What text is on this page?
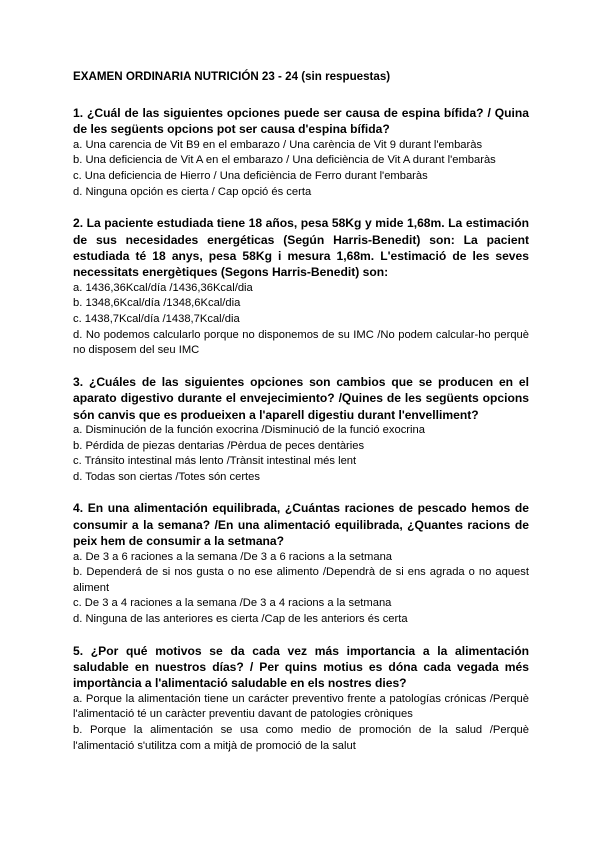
EXAMEN ORDINARIA NUTRICIÓN 23 - 24 (sin respuestas)

1. ¿Cuál de las siguientes opciones puede ser causa de espina bífida? / Quina de les següents opcions pot ser causa d'espina bífida?

a. Una carencia de Vit B9 en el embarazo / Una carència de Vit 9 durant l'embaràs

b. Una deficiencia de Vit A en el embarazo / Una deficiència de Vit A durant l'embaràs

c. Una deficiencia de Hierro / Una deficiència de Ferro durant l'embaràs

d. Ninguna opción es cierta / Cap opció és certa

2. La paciente estudiada tiene 18 años, pesa 58Kg y mide 1,68m. La estimación de sus necesidades energéticas (Según Harris-Benedit) son: La pacient estudiada té 18 anys, pesa 58Kg i mesura 1,68m. L'estimació de les seves necessitats energètiques (Segons Harris-Benedit) son:

a. 1436,36Kcal/día /1436,36Kcal/dia

b. 1348,6Kcal/día /1348,6Kcal/dia

c. 1438,7Kcal/día /1438,7Kcal/dia

d. No podemos calcularlo porque no disponemos de su IMC /No podem calcular-ho perquè no disposem del seu IMC

3. ¿Cuáles de las siguientes opciones son cambios que se producen en el aparato digestivo durante el envejecimiento? /Quines de les següents opcions són canvis que es produeixen a l'aparell digestiu durant l'envelliment?

a. Disminución de la función exocrina /Disminució de la funció exocrina

b. Pérdida de piezas dentarias /Pèrdua de peces dentàries

c. Tránsito intestinal más lento /Trànsit intestinal més lent

d. Todas son ciertas /Totes són certes

4. En una alimentación equilibrada, ¿Cuántas raciones de pescado hemos de consumir a la semana? /En una alimentació equilibrada, ¿Quantes racions de peix hem de consumir a la setmana?

a. De 3 a 6 raciones a la semana /De 3 a 6 racions a la setmana

b. Dependerá de si nos gusta o no ese alimento /Dependrà de si ens agrada o no aquest aliment

c. De 3 a 4 raciones a la semana /De 3 a 4 racions a la setmana

d. Ninguna de las anteriores es cierta /Cap de les anteriors és certa

5. ¿Por qué motivos se da cada vez más importancia a la alimentación saludable en nuestros días? / Per quins motius es dóna cada vegada més importància a l'alimentació saludable en els nostres dies?

a. Porque la alimentación tiene un carácter preventivo frente a patologías crónicas /Perquè l'alimentació té un caràcter preventiu davant de patologies cròniques

b. Porque la alimentación se usa como medio de promoción de la salud /Perquè l'alimentació s'utilitza com a mitjà de promoció de la salut
